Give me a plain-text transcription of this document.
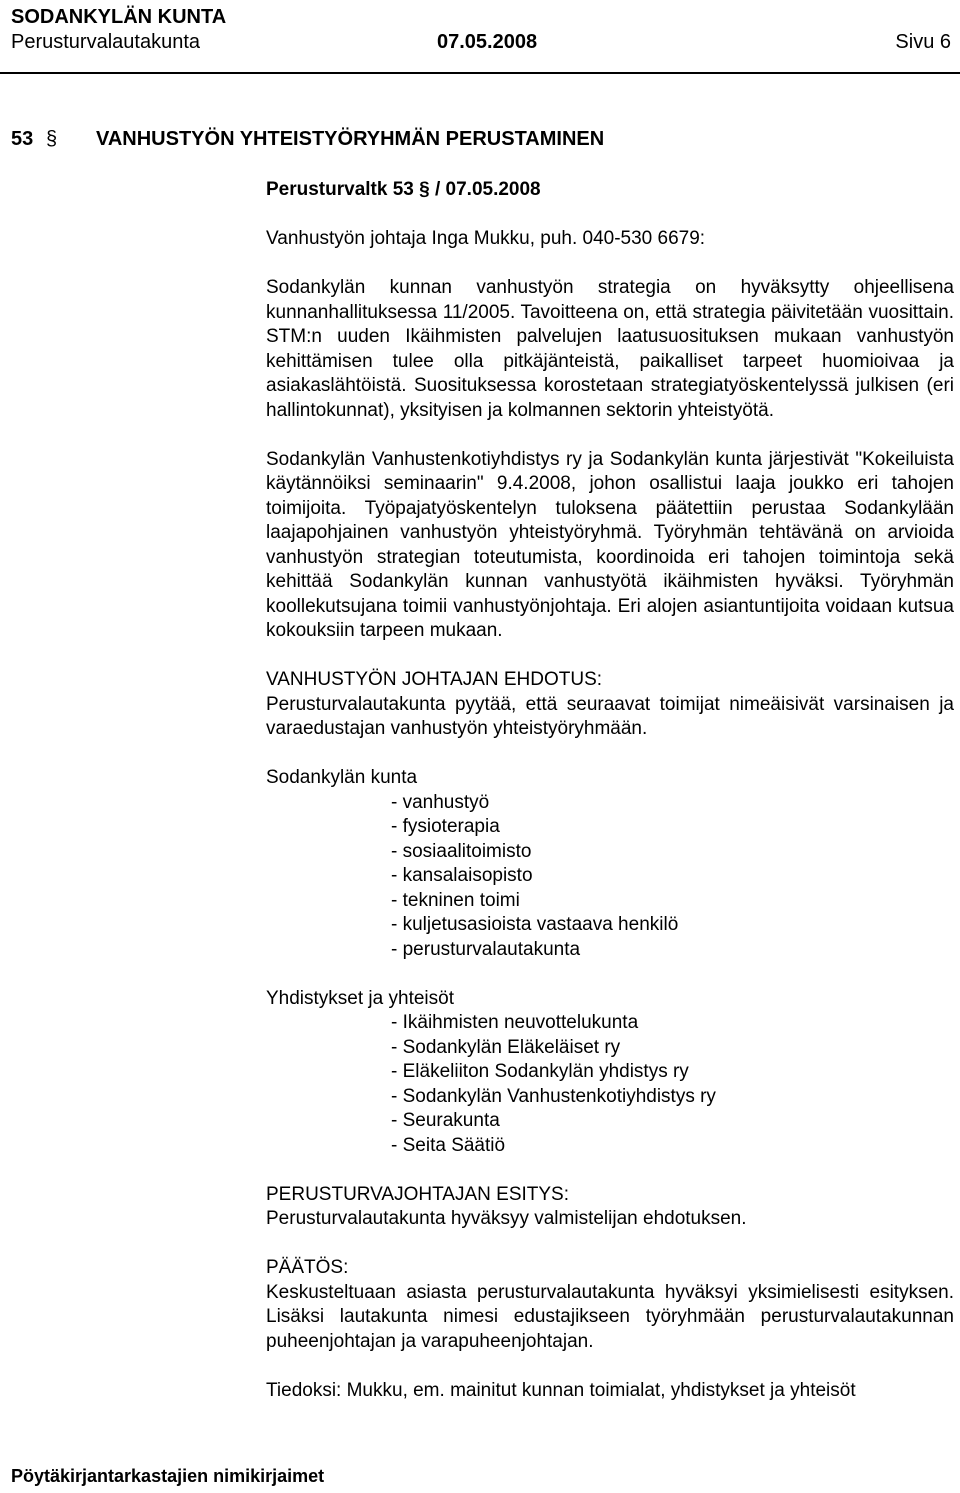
SODANKYLÄN KUNTA
Perusturvalautakunta	07.05.2008	Sivu 6
53 § VANHUSTYÖN YHTEISTYÖRYHMÄN PERUSTAMINEN

Perusturvaltk 53 § / 07.05.2008

Vanhustyön johtaja Inga Mukku, puh. 040-530 6679:

Sodankylän kunnan vanhustyön strategia on hyväksytty ohjeellisena kunnanhallituksessa 11/2005. Tavoitteena on, että strategia päivitetään vuosittain. STM:n uuden Ikäihmisten palvelujen laatusuosituksen mukaan vanhustyön kehittämisen tulee olla pitkäjänteistä, paikalliset tarpeet huomioivaa ja asiakaslähtöistä. Suosituksessa korostetaan strategiatyöskentelyssä julkisen (eri hallintokunnat), yksityisen ja kolmannen sektorin yhteistyötä.

Sodankylän Vanhustenkotiyhdistys ry ja Sodankylän kunta järjestivät "Kokeiluista käytännöiksi seminaarin" 9.4.2008, johon osallistui laaja joukko eri tahojen toimijoita. Työpajatyöskentelyn tuloksena päätettiin perustaa Sodankylään laajapohjainen vanhustyön yhteistyöryhmä. Työryhmän tehtävänä on arvioida vanhustyön strategian toteutumista, koordinoida eri tahojen toimintoja sekä kehittää Sodankylän kunnan vanhustyötä ikäihmisten hyväksi. Työryhmän koollekutsujana toimii vanhustyönjohtaja. Eri alojen asiantuntijoita voidaan kutsua kokouksiin tarpeen mukaan.

VANHUSTYÖN JOHTAJAN EHDOTUS:

Perusturvalautakunta pyytää, että seuraavat toimijat nimeäisivät varsinaisen ja varaedustajan vanhustyön yhteistyöryhmään.

Sodankylän kunta

- vanhustyö
- fysioterapia
- sosiaalitoimisto
- kansalaisopisto
- tekninen toimi
- kuljetusasioista vastaava henkilö
- perusturvalautakunta

Yhdistykset ja yhteisöt

- Ikäihmisten neuvottelukunta
- Sodankylän Eläkeläiset ry
- Eläkeliiton Sodankylän yhdistys ry
- Sodankylän Vanhustenkotiyhdistys ry
- Seurakunta
- Seita Säätiö

PERUSTURVAJOHTAJAN ESITYS:

Perusturvalautakunta hyväksyy valmistelijan ehdotuksen.

PÄÄTÖS:

Keskusteltuaan asiasta perusturvalautakunta hyväksyi yksimielisesti esityksen. Lisäksi lautakunta nimesi edustajikseen työryhmään perusturvalautakunnan puheenjohtajan ja varapuheenjohtajan.

Tiedoksi: Mukku, em. mainitut kunnan toimialat, yhdistykset ja yhteisöt

Pöytäkirjantarkastajien nimikirjaimet
